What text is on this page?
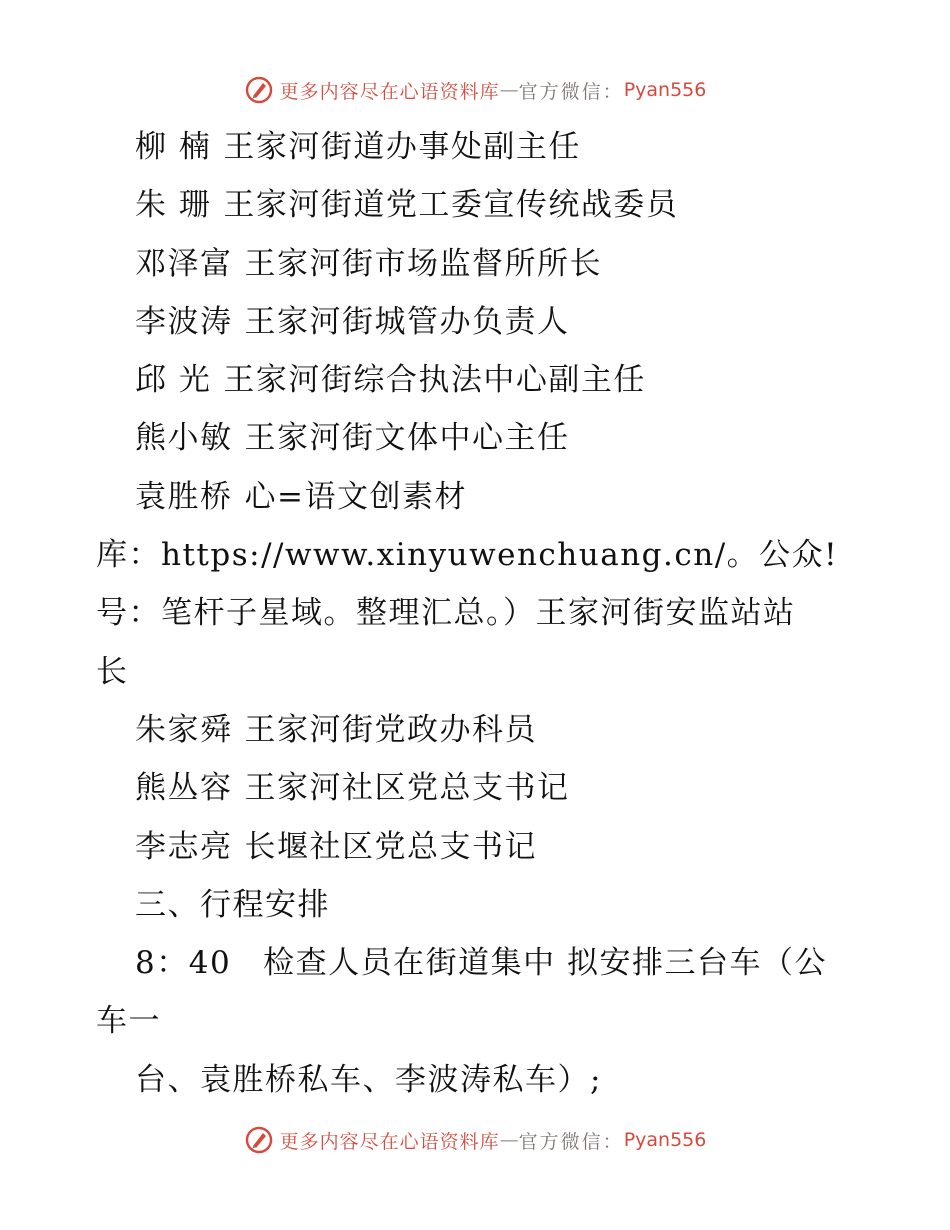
更多内容尽在心语资料库 — 官方微信： Pyan556
柳 楠 王家河街道办事处副主任
朱 珊 王家河街道党工委宣传统战委员
邓泽富 王家河街市场监督所所长
李波涛 王家河街城管办负责人
邱 光 王家河街综合执法中心副主任
熊小敏 王家河街文体中心主任
袁胜桥 心=语文创素材
库：https://www.xinyuwenchuang.cn/。公众!
号：笔杆子星域。整理汇总。）王家河街安监站站
长
朱家舜 王家河街党政办科员
熊丛容 王家河社区党总支书记
李志亮 长堰社区党总支书记
三、行程安排
8：40 检查人员在街道集中 拟安排三台车（公
车一
台、袁胜桥私车、李波涛私车）;
更多内容尽在心语资料库 — 官方微信： Pyan556
